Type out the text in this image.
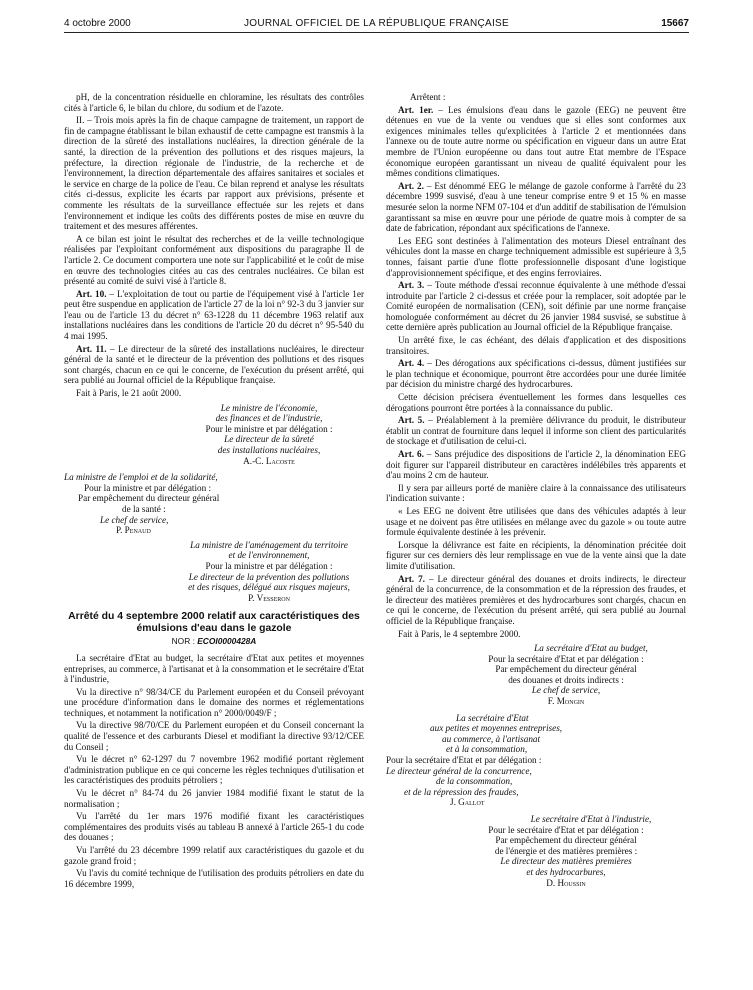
4 octobre 2000	JOURNAL OFFICIEL DE LA RÉPUBLIQUE FRANÇAISE	15667

pH, de la concentration résiduelle en chloramine, les résultats des contrôles cités à l'article 6, le bilan du chlore, du sodium et de l'azote.

II. – Trois mois après la fin de chaque campagne de traitement, un rapport de fin de campagne établissant le bilan exhaustif de cette campagne est transmis à la direction de la sûreté des installations nucléaires, la direction générale de la santé, la direction de la prévention des pollutions et des risques majeurs, la préfecture, la direction régionale de l'industrie, de la recherche et de l'environnement, la direction départementale des affaires sanitaires et sociales et le service en charge de la police de l'eau. Ce bilan reprend et analyse les résultats cités ci-dessus, explicite les écarts par rapport aux prévisions, présente et commente les résultats de la surveillance effectuée sur les rejets et dans l'environnement et indique les coûts des différents postes de mise en œuvre du traitement et des mesures afférentes.

A ce bilan est joint le résultat des recherches et de la veille technologique réalisées par l'exploitant conformément aux dispositions du paragraphe II de l'article 2. Ce document comportera une note sur l'applicabilité et le coût de mise en œuvre des technologies citées au cas des centrales nucléaires. Ce bilan est présenté au comité de suivi visé à l'article 8.

Art. 10. – L'exploitation de tout ou partie de l'équipement visé à l'article 1er peut être suspendue en application de l'article 27 de la loi n° 92-3 du 3 janvier sur l'eau ou de l'article 13 du décret n° 63-1228 du 11 décembre 1963 relatif aux installations nucléaires dans les conditions de l'article 20 du décret n° 95-540 du 4 mai 1995.

Art. 11. – Le directeur de la sûreté des installations nucléaires, le directeur général de la santé et le directeur de la prévention des pollutions et des risques sont chargés, chacun en ce qui le concerne, de l'exécution du présent arrêté, qui sera publié au Journal officiel de la République française.

Fait à Paris, le 21 août 2000.

Le ministre de l'économie,

des finances et de l'industrie,

Pour le ministre et par délégation :

Le directeur de la sûreté

des installations nucléaires,

A.-C. Lacoste

La ministre de l'emploi et de la solidarité,

Pour la ministre et par délégation :

Par empêchement du directeur général

de la santé :

Le chef de service,

P. Penaud

La ministre de l'aménagement du territoire

et de l'environnement,

Pour la ministre et par délégation :

Le directeur de la prévention des pollutions

et des risques, délégué aux risques majeurs,

P. Vesseron

Arrêté du 4 septembre 2000 relatif aux caractéristiques des émulsions d'eau dans le gazole
NOR : ECOI0000428A

La secrétaire d'Etat au budget, la secrétaire d'Etat aux petites et moyennes entreprises, au commerce, à l'artisanat et à la consommation et le secrétaire d'Etat à l'industrie,

Vu la directive n° 98/34/CE du Parlement européen et du Conseil prévoyant une procédure d'information dans le domaine des normes et réglementations techniques, et notamment la notification n° 2000/0049/F ;

Vu la directive 98/70/CE du Parlement européen et du Conseil concernant la qualité de l'essence et des carburants Diesel et modifiant la directive 93/12/CEE du Conseil ;

Vu le décret n° 62-1297 du 7 novembre 1962 modifié portant règlement d'administration publique en ce qui concerne les règles techniques d'utilisation et les caractéristiques des produits pétroliers ;

Vu le décret n° 84-74 du 26 janvier 1984 modifié fixant le statut de la normalisation ;

Vu l'arrêté du 1er mars 1976 modifié fixant les caractéristiques complémentaires des produits visés au tableau B annexé à l'article 265-1 du code des douanes ;

Vu l'arrêté du 23 décembre 1999 relatif aux caractéristiques du gazole et du gazole grand froid ;

Vu l'avis du comité technique de l'utilisation des produits pétroliers en date du 16 décembre 1999,

Arrêtent :

Art. 1er. – Les émulsions d'eau dans le gazole (EEG) ne peuvent être détenues en vue de la vente ou vendues que si elles sont conformes aux exigences minimales telles qu'explicitées à l'article 2 et mentionnées dans l'annexe ou de toute autre norme ou spécification en vigueur dans un autre Etat membre de l'Union européenne ou dans tout autre Etat membre de l'Espace économique européen garantissant un niveau de qualité équivalent pour les mêmes conditions climatiques.

Art. 2. – Est dénommé EEG le mélange de gazole conforme à l'arrêté du 23 décembre 1999 susvisé, d'eau à une teneur comprise entre 9 et 15 % en masse mesurée selon la norme NFM 07-104 et d'un additif de stabilisation de l'émulsion garantissant sa mise en œuvre pour une période de quatre mois à compter de sa date de fabrication, répondant aux spécifications de l'annexe.

Les EEG sont destinées à l'alimentation des moteurs Diesel entraînant des véhicules dont la masse en charge techniquement admissible est supérieure à 3,5 tonnes, faisant partie d'une flotte professionnelle disposant d'une logistique d'approvisionnement spécifique, et des engins ferroviaires.

Art. 3. – Toute méthode d'essai reconnue équivalente à une méthode d'essai introduite par l'article 2 ci-dessus et créée pour la remplacer, soit adoptée par le Comité européen de normalisation (CEN), soit définie par une norme française homologuée conformément au décret du 26 janvier 1984 susvisé, se substitue à cette dernière après publication au Journal officiel de la République française.

Un arrêté fixe, le cas échéant, des délais d'application et des dispositions transitoires.

Art. 4. – Des dérogations aux spécifications ci-dessus, dûment justifiées sur le plan technique et économique, pourront être accordées pour une durée limitée par décision du ministre chargé des hydrocarbures.

Cette décision précisera éventuellement les formes dans lesquelles ces dérogations pourront être portées à la connaissance du public.

Art. 5. – Préalablement à la première délivrance du produit, le distributeur établit un contrat de fourniture dans lequel il informe son client des particularités de stockage et d'utilisation de celui-ci.

Art. 6. – Sans préjudice des dispositions de l'article 2, la dénomination EEG doit figurer sur l'appareil distributeur en caractères indélébiles très apparents et d'au moins 2 cm de hauteur.

Il y sera par ailleurs porté de manière claire à la connaissance des utilisateurs l'indication suivante :

« Les EEG ne doivent être utilisées que dans des véhicules adaptés à leur usage et ne doivent pas être utilisées en mélange avec du gazole » ou toute autre formule équivalente destinée à les prévenir.

Lorsque la délivrance est faite en récipients, la dénomination précitée doit figurer sur ces derniers dès leur remplissage en vue de la vente ainsi que la date limite d'utilisation.

Art. 7. – Le directeur général des douanes et droits indirects, le directeur général de la concurrence, de la consommation et de la répression des fraudes, et le directeur des matières premières et des hydrocarbures sont chargés, chacun en ce qui le concerne, de l'exécution du présent arrêté, qui sera publié au Journal officiel de la République française.

Fait à Paris, le 4 septembre 2000.

La secrétaire d'Etat au budget,

Pour la secrétaire d'Etat et par délégation :

Par empêchement du directeur général

des douanes et droits indirects :

Le chef de service,

F. Mongin

La secrétaire d'Etat

aux petites et moyennes entreprises,

au commerce, à l'artisanat

et à la consommation,

Pour la secrétaire d'Etat et par délégation :

Le directeur général de la concurrence,

de la consommation,

et de la répression des fraudes,

J. Gallot

Le secrétaire d'Etat à l'industrie,

Pour le secrétaire d'Etat et par délégation :

Par empêchement du directeur général

de l'énergie et des matières premières :

Le directeur des matières premières

et des hydrocarbures,

D. Houssin
